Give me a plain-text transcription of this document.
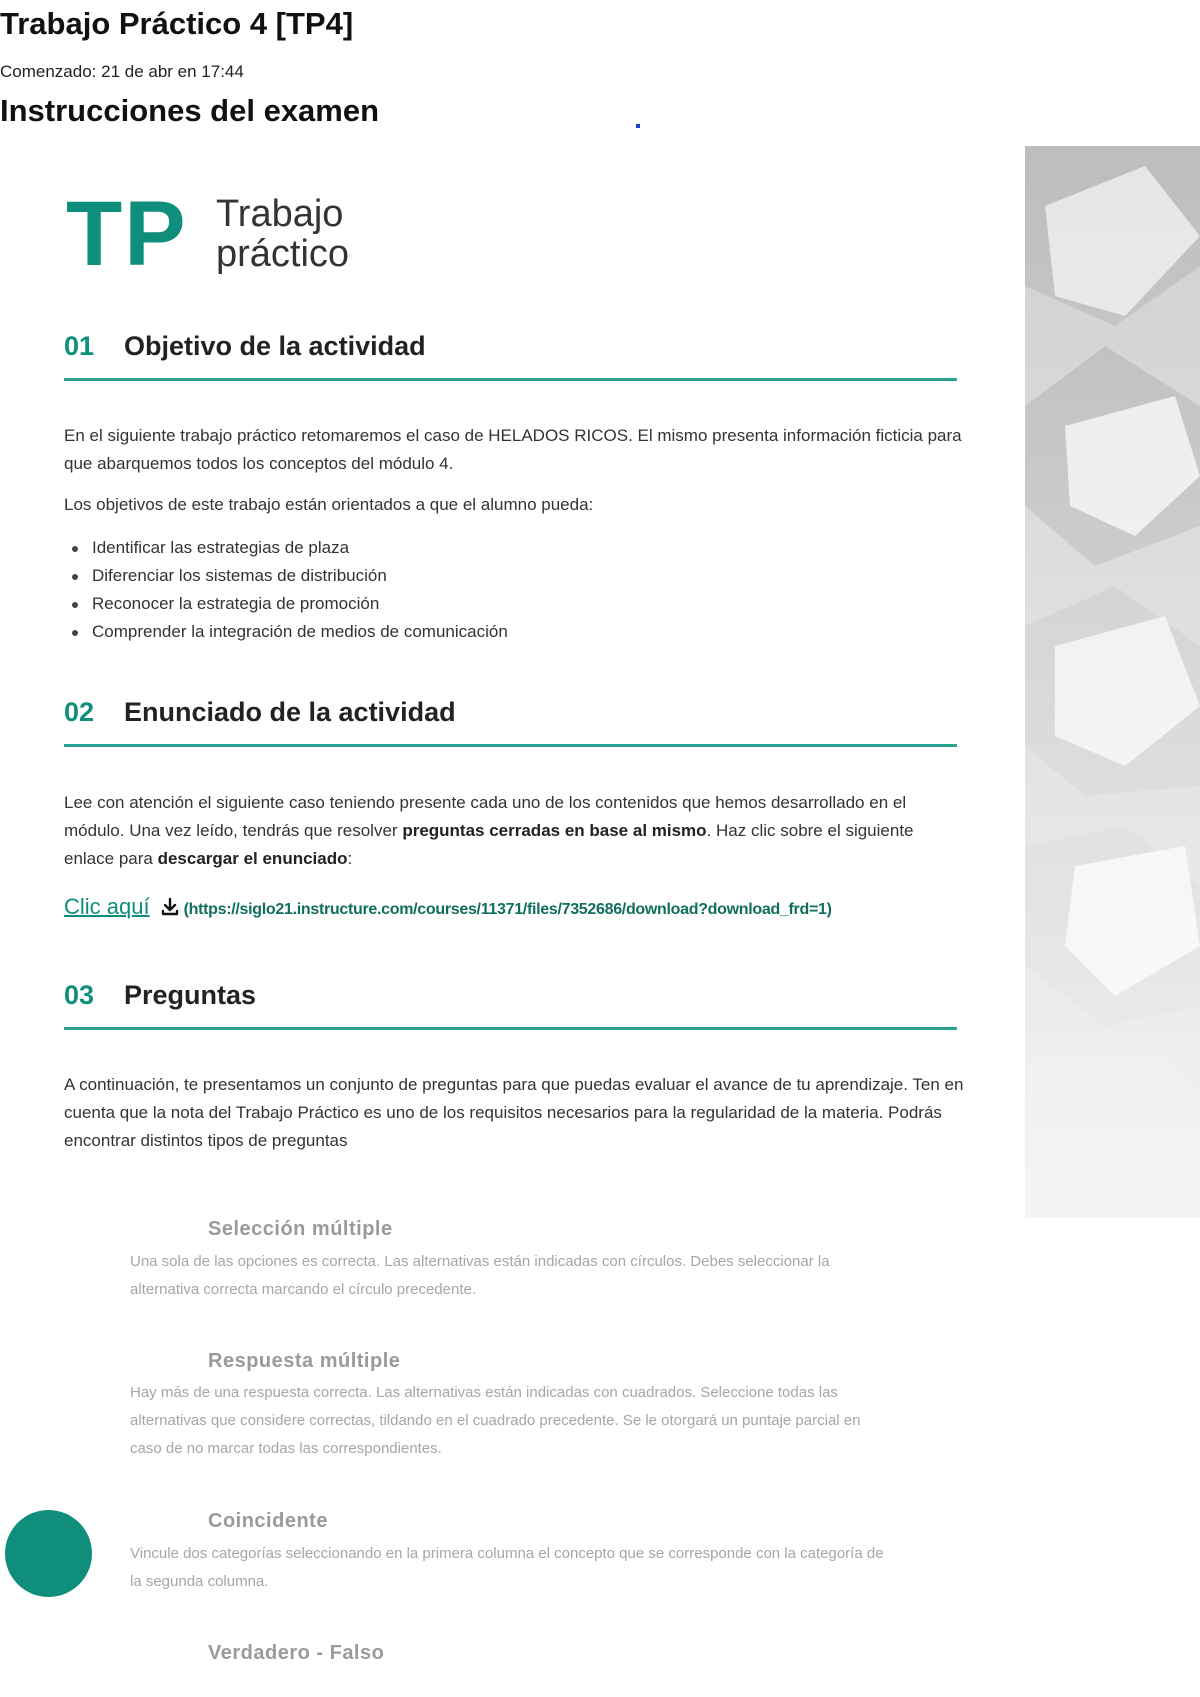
Trabajo Práctico 4 [TP4]
Comenzado: 21 de abr en 17:44
Instrucciones del examen
TP Trabajo
práctico
01 Objetivo de la actividad

En el siguiente trabajo práctico retomaremos el caso de HELADOS RICOS. El mismo presenta información ficticia para que abarquemos todos los conceptos del módulo 4.

Los objetivos de este trabajo están orientados a que el alumno pueda:

Identificar las estrategias de plaza
Diferenciar los sistemas de distribución
Reconocer la estrategia de promoción
Comprender la integración de medios de comunicación
02 Enunciado de la actividad

Lee con atención el siguiente caso teniendo presente cada uno de los contenidos que hemos desarrollado en el módulo. Una vez leído, tendrás que resolver preguntas cerradas en base al mismo. Haz clic sobre el siguiente enlace para descargar el enunciado:

Clic aquí (https://siglo21.instructure.com/courses/11371/files/7352686/download?download_frd=1)
03 Preguntas

A continuación, te presentamos un conjunto de preguntas para que puedas evaluar el avance de tu aprendizaje. Ten en cuenta que la nota del Trabajo Práctico es uno de los requisitos necesarios para la regularidad de la materia. Podrás encontrar distintos tipos de preguntas

Selección múltiple

Una sola de las opciones es correcta. Las alternativas están indicadas con círculos. Debes seleccionar la alternativa correcta marcando el círculo precedente.

Respuesta múltiple

Hay más de una respuesta correcta. Las alternativas están indicadas con cuadrados. Seleccione todas las alternativas que considere correctas, tildando en el cuadrado precedente. Se le otorgará un puntaje parcial en caso de no marcar todas las correspondientes.

Coincidente

Vincule dos categorías seleccionando en la primera columna el concepto que se corresponde con la categoría de la segunda columna.

Verdadero - Falso
